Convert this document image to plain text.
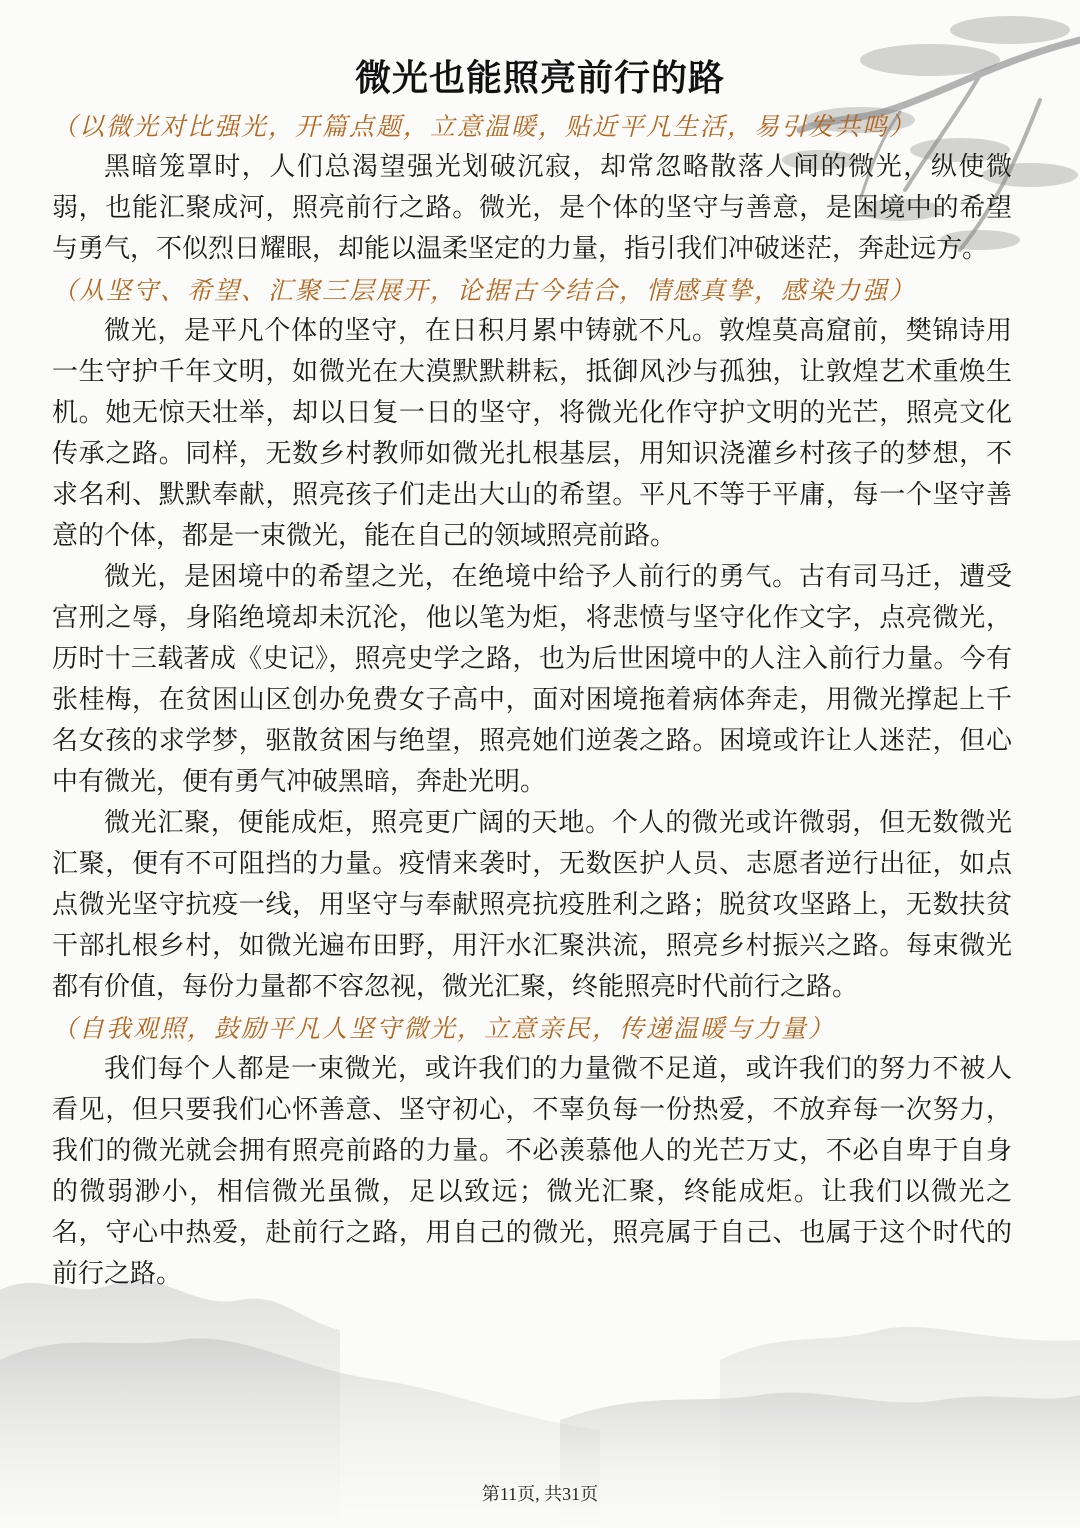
微光也能照亮前行的路

（以微光对比强光，开篇点题，立意温暖，贴近平凡生活，易引发共鸣）

黑暗笼罩时，人们总渴望强光划破沉寂，却常忽略散落人间的微光，纵使微弱，也能汇聚成河，照亮前行之路。微光，是个体的坚守与善意，是困境中的希望与勇气，不似烈日耀眼，却能以温柔坚定的力量，指引我们冲破迷茫，奔赴远方。

（从坚守、希望、汇聚三层展开，论据古今结合，情感真挚，感染力强）

微光，是平凡个体的坚守，在日积月累中铸就不凡。敦煌莫高窟前，樊锦诗用一生守护千年文明，如微光在大漠默默耕耘，抵御风沙与孤独，让敦煌艺术重焕生机。她无惊天壮举，却以日复一日的坚守，将微光化作守护文明的光芒，照亮文化传承之路。同样，无数乡村教师如微光扎根基层，用知识浇灌乡村孩子的梦想，不求名利、默默奉献，照亮孩子们走出大山的希望。平凡不等于平庸，每一个坚守善意的个体，都是一束微光，能在自己的领域照亮前路。

微光，是困境中的希望之光，在绝境中给予人前行的勇气。古有司马迁，遭受宫刑之辱，身陷绝境却未沉沦，他以笔为炬，将悲愤与坚守化作文字，点亮微光，历时十三载著成《史记》，照亮史学之路，也为后世困境中的人注入前行力量。今有张桂梅，在贫困山区创办免费女子高中，面对困境拖着病体奔走，用微光撑起上千名女孩的求学梦，驱散贫困与绝望，照亮她们逆袭之路。困境或许让人迷茫，但心中有微光，便有勇气冲破黑暗，奔赴光明。

微光汇聚，便能成炬，照亮更广阔的天地。个人的微光或许微弱，但无数微光汇聚，便有不可阻挡的力量。疫情来袭时，无数医护人员、志愿者逆行出征，如点点微光坚守抗疫一线，用坚守与奉献照亮抗疫胜利之路；脱贫攻坚路上，无数扶贫干部扎根乡村，如微光遍布田野，用汗水汇聚洪流，照亮乡村振兴之路。每束微光都有价值，每份力量都不容忽视，微光汇聚，终能照亮时代前行之路。

（自我观照，鼓励平凡人坚守微光，立意亲民，传递温暖与力量）

我们每个人都是一束微光，或许我们的力量微不足道，或许我们的努力不被人看见，但只要我们心怀善意、坚守初心，不辜负每一份热爱，不放弃每一次努力，我们的微光就会拥有照亮前路的力量。不必羡慕他人的光芒万丈，不必自卑于自身的微弱渺小，相信微光虽微，足以致远；微光汇聚，终能成炬。让我们以微光之名，守心中热爱，赴前行之路，用自己的微光，照亮属于自己、也属于这个时代的前行之路。

第11页, 共31页
